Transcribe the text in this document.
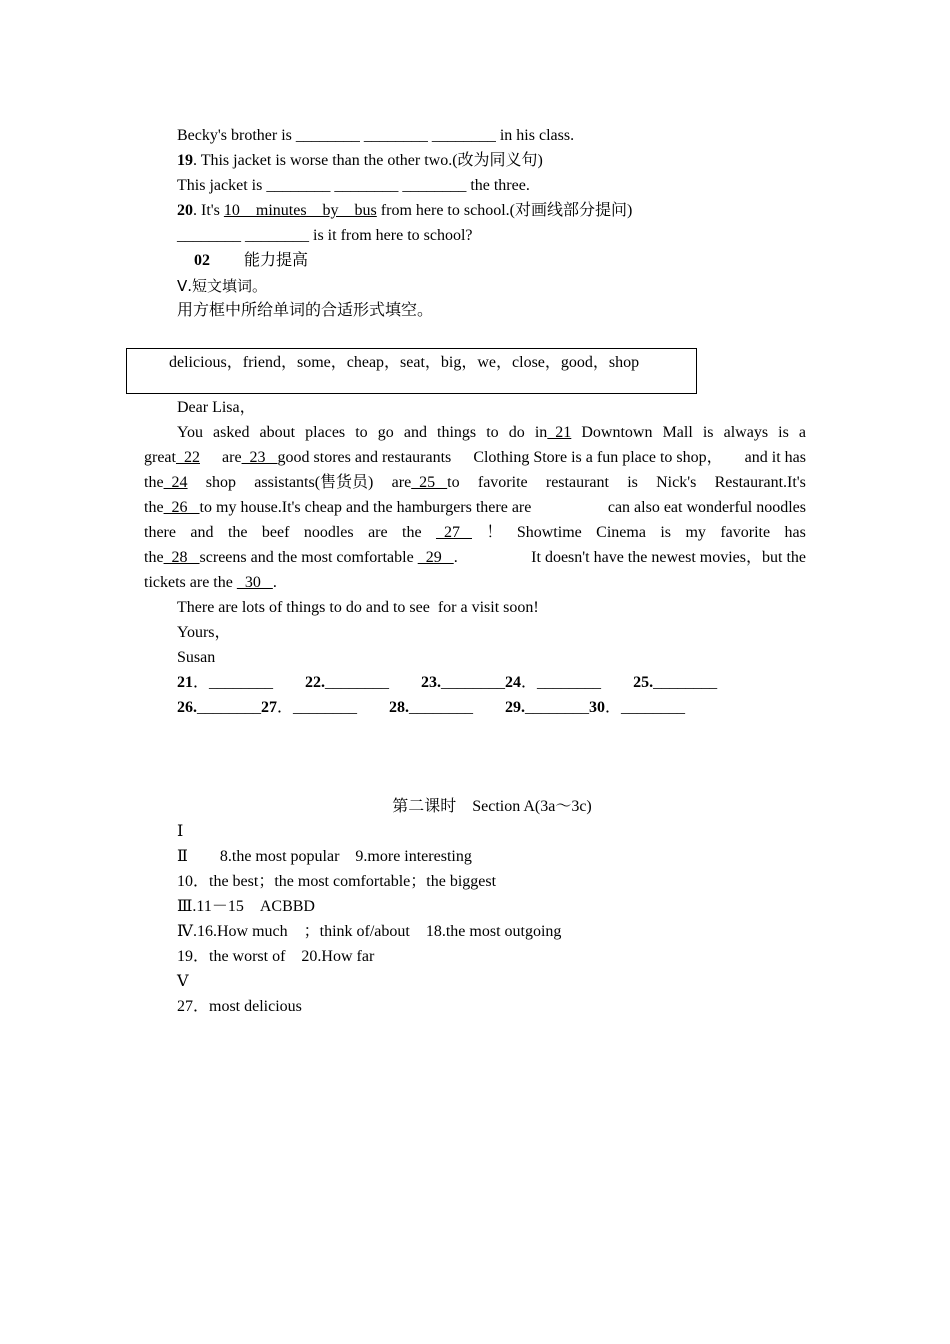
Becky's brother is ________ ________ ________ in his class.
19. This jacket is worse than the other two.(改为同义句)
This jacket is ________ ________ ________ the three.
20. It's 10　minutes　by　bus from here to school.(对画线部分提问)
________ ________ is it from here to school?
02 能力提高
Ⅴ.短文填词。
用方框中所给单词的合适形式填空。
delicious，friend，some，cheap，seat，big，we，close，good，shop
Dear Lisa，
You asked about places to go and things to do in  21 Downtown Mall is always is a
great  22 are  23   good stores and restaurants Clothing Store is a fun place to shop， and it has
the  24 shop assistants(售货员) are  25   to favorite restaurant is Nick's Restaurant.It's
the  26   to my house.It's cheap and the hamburgers there are	can also eat wonderful noodles
there and the beef noodles are the 27 ！ Showtime Cinema is my favorite has
the  28   screens and the most comfortable   29   .	It doesn't have the newest movies，but the
tickets are the   30   .
There are lots of things to do and to see  for a visit soon!
Yours，
Susan
21．________　　 22.________　　 23.________24．________　　 25.________
26.________27．________　　 28.________　　 29.________30．________
第二课时　Section A(3a～3c)
Ⅰ
Ⅱ　　8.the most popular　9.more interesting
10．the best；the most comfortable；the biggest
Ⅲ.11－15　ACBBD
Ⅳ.16.How much　；think of/about　18.the most outgoing
19．the worst of　20.How far
Ⅴ
27．most delicious
